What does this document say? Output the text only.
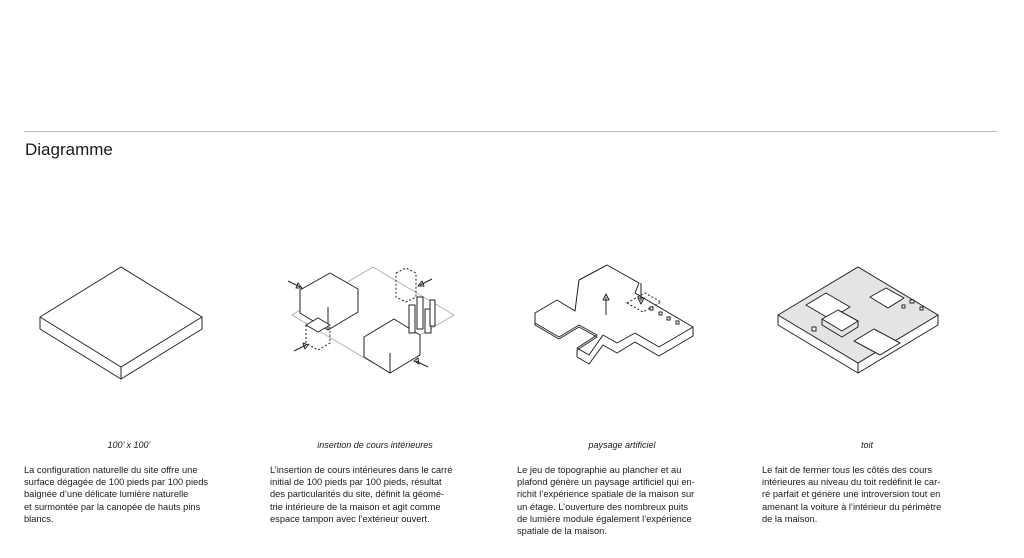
Diagramme
100’ x 100’
La configuration naturelle du site offre une
surface dégagée de 100 pieds par 100 pieds
baignée d’une délicate lumière naturelle
et surmontée par la canopée de hauts pins
blancs.
insertion de cours intérieures
L’insertion de cours intérieures dans le carré
initial de 100 pieds par 100 pieds, résultat
des particularités du site, définit la géomé-
trie intérieure de la maison et agit comme
espace tampon avec l’extérieur ouvert.
paysage artificiel
Le jeu de topographie au plancher et au
plafond génère un paysage artificiel qui en-
richit l’expérience spatiale de la maison sur
un étage. L’ouverture des nombreux puits
de lumière module également l’expérience
spatiale de la maison.
toit
Le fait de fermer tous les côtés des cours
intérieures au niveau du toit redéfinit le car-
ré parfait et génère une introversion tout en
amenant la voiture à l’intérieur du périmètre
de la maison.
